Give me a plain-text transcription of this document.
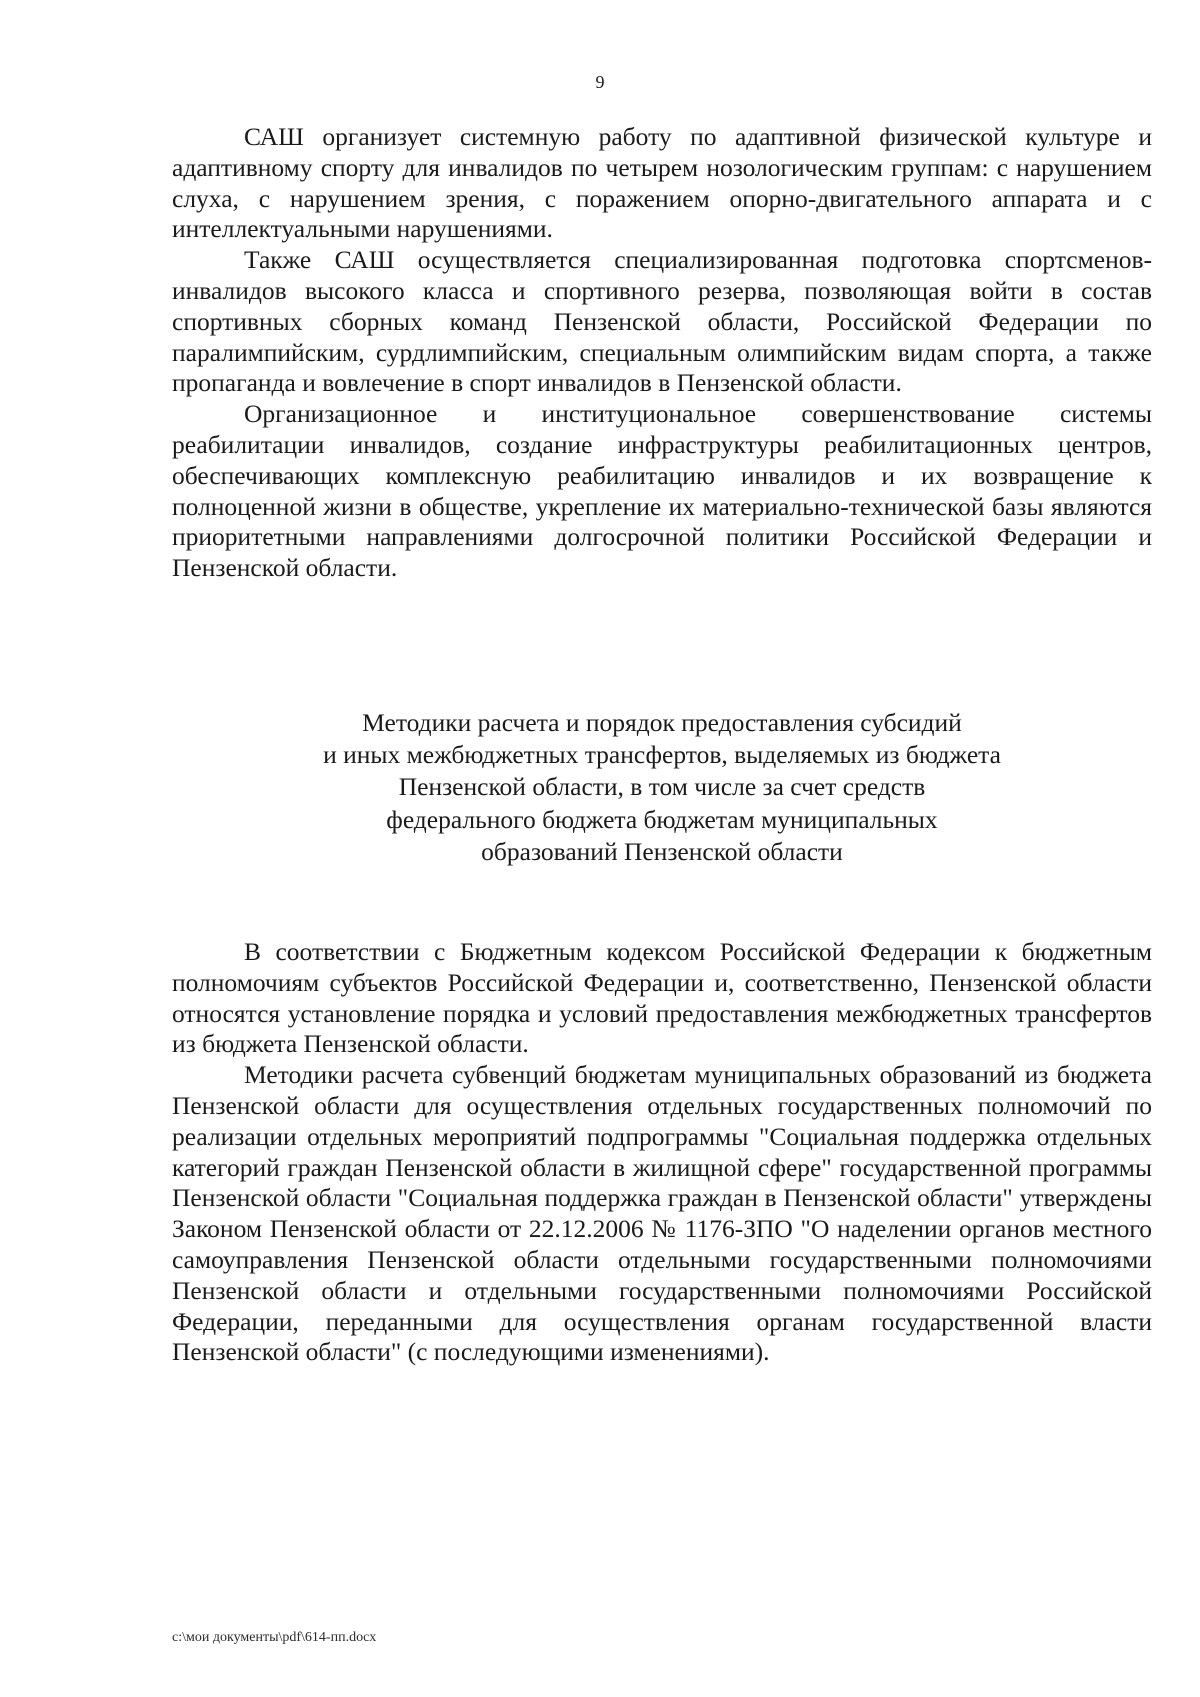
9

САШ организует системную работу по адаптивной физической культуре и адаптивному спорту для инвалидов по четырем нозологическим группам: с нарушением слуха, с нарушением зрения, с поражением опорно-двигательного аппарата и с интеллектуальными нарушениями.

Также САШ осуществляется специализированная подготовка спортсменов-инвалидов высокого класса и спортивного резерва, позволяющая войти в состав спортивных сборных команд Пензенской области, Российской Федерации по паралимпийским, сурдлимпийским, специальным олимпийским видам спорта, а также пропаганда и вовлечение в спорт инвалидов в Пензенской области.

Организационное и институциональное совершенствование системы реабилитации инвалидов, создание инфраструктуры реабилитационных центров, обеспечивающих комплексную реабилитацию инвалидов и их возвращение к полноценной жизни в обществе, укрепление их материально-технической базы являются приоритетными направлениями долгосрочной политики Российской Федерации и Пензенской области.

Методики расчета и порядок предоставления субсидий
и иных межбюджетных трансфертов, выделяемых из бюджета
Пензенской области, в том числе за счет средств
федерального бюджета бюджетам муниципальных
образований Пензенской области

В соответствии с Бюджетным кодексом Российской Федерации к бюджетным полномочиям субъектов Российской Федерации и, соответственно, Пензенской области относятся установление порядка и условий предоставления межбюджетных трансфертов из бюджета Пензенской области.

Методики расчета субвенций бюджетам муниципальных образований из бюджета Пензенской области для осуществления отдельных государственных полномочий по реализации отдельных мероприятий подпрограммы "Социальная поддержка отдельных категорий граждан Пензенской области в жилищной сфере" государственной программы Пензенской области "Социальная поддержка граждан в Пензенской области" утверждены Законом Пензенской области от 22.12.2006 № 1176-ЗПО "О наделении органов местного самоуправления Пензенской области отдельными государственными полномочиями Пензенской области и отдельными государственными полномочиями Российской Федерации, переданными для осуществления органам государственной власти Пензенской области" (с последующими изменениями).

c:\мои документы\pdf\614-пп.docx
